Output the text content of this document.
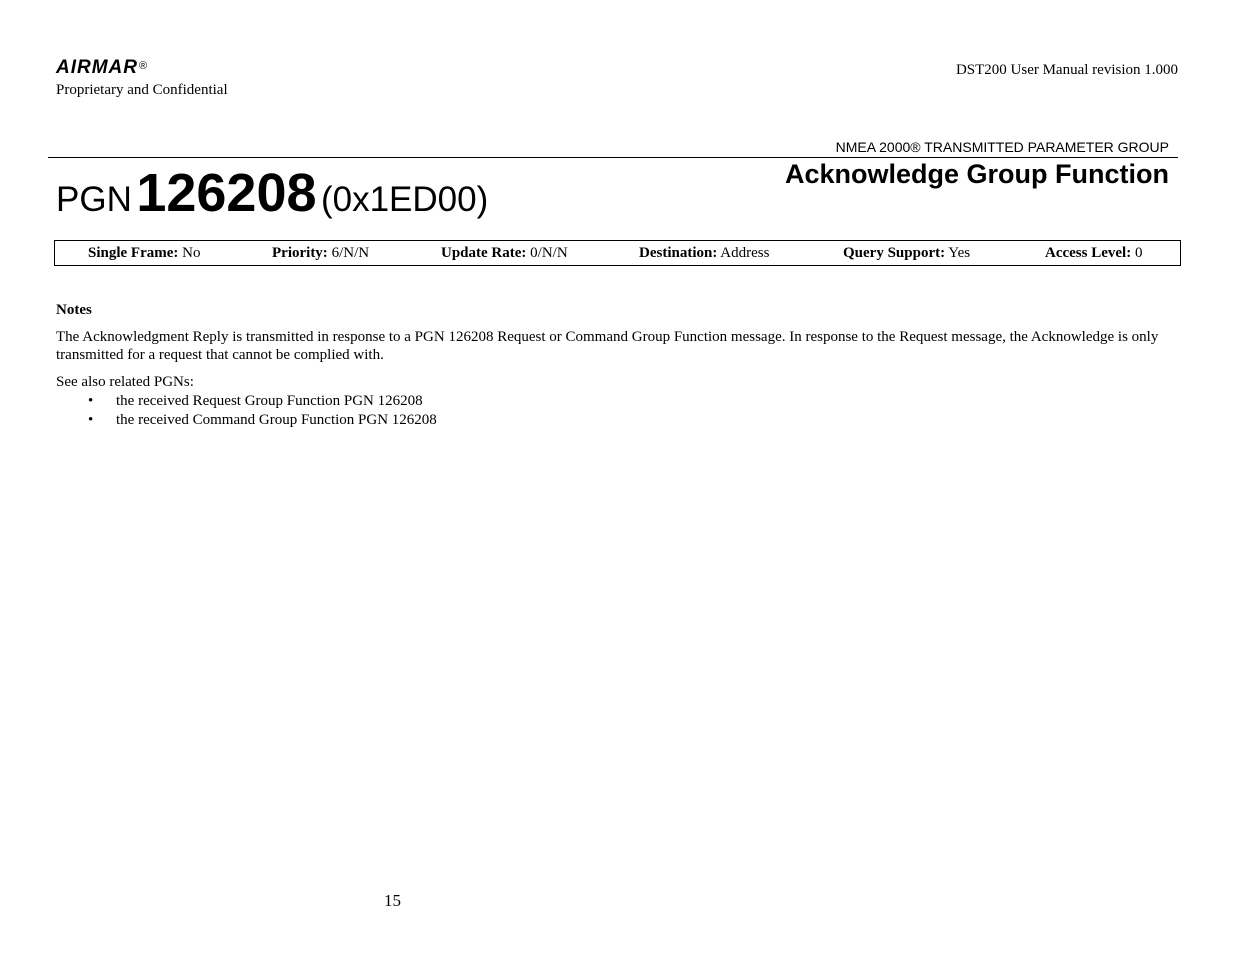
AIRMAR®
Proprietary and Confidential
DST200 User Manual revision 1.000
NMEA 2000® TRANSMITTED PARAMETER GROUP
PGN 126208 (0x1ED00)
Acknowledge Group Function
Single Frame: No	Priority: 6/N/N	Update Rate: 0/N/N	Destination: Address	Query Support: Yes	Access Level: 0
Notes
The Acknowledgment Reply is transmitted in response to a PGN 126208 Request or Command Group Function message. In response to the Request message, the Acknowledge is only transmitted for a request that cannot be complied with.
See also related PGNs:
• the received Request Group Function PGN 126208
• the received Command Group Function PGN 126208
15
